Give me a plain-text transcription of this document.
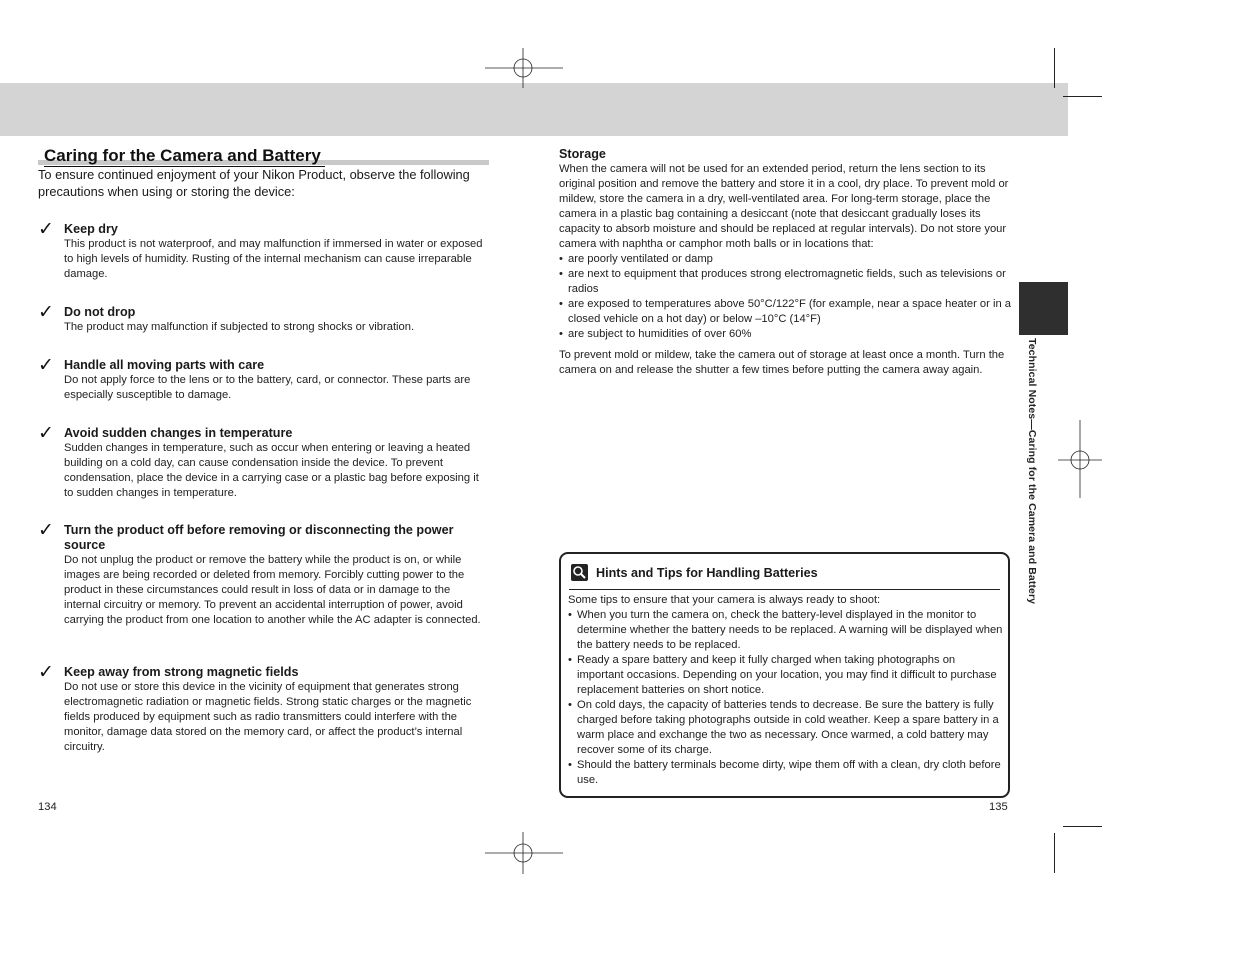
Technical Notes—Caring for the Camera and Battery
Caring for the Camera and Battery
To ensure continued enjoyment of your Nikon Product, observe the following precautions when using or storing the device:
✓ Keep dry
This product is not waterproof, and may malfunction if immersed in water or exposed to high levels of humidity. Rusting of the internal mechanism can cause irreparable damage.
✓ Do not drop
The product may malfunction if subjected to strong shocks or vibration.
✓ Handle all moving parts with care
Do not apply force to the lens or to the battery, card, or connector. These parts are especially susceptible to damage.
✓ Avoid sudden changes in temperature
Sudden changes in temperature, such as occur when entering or leaving a heated building on a cold day, can cause condensation inside the device. To prevent condensation, place the device in a carrying case or a plastic bag before exposing it to sudden changes in temperature.
✓ Turn the product off before removing or disconnecting the power source
Do not unplug the product or remove the battery while the product is on, or while images are being recorded or deleted from memory. Forcibly cutting power to the product in these circumstances could result in loss of data or in damage to the internal circuitry or memory. To prevent an accidental interruption of power, avoid carrying the product from one location to another while the AC adapter is connected.
✓ Keep away from strong magnetic fields
Do not use or store this device in the vicinity of equipment that generates strong electromagnetic radiation or magnetic fields. Strong static charges or the magnetic fields produced by equipment such as radio transmitters could interfere with the monitor, damage data stored on the memory card, or affect the product’s internal circuitry.
134
Storage
When the camera will not be used for an extended period, return the lens section to its original position and remove the battery and store it in a cool, dry place. To prevent mold or mildew, store the camera in a dry, well-ventilated area. For long-term storage, place the camera in a plastic bag containing a desiccant (note that desiccant gradually loses its capacity to absorb moisture and should be replaced at regular intervals). Do not store your camera with naphtha or camphor moth balls or in locations that:
• are poorly ventilated or damp
• are next to equipment that produces strong electromagnetic fields, such as televisions or radios
• are exposed to temperatures above 50°C/122°F (for example, near a space heater or in a closed vehicle on a hot day) or below –10°C (14°F)
• are subject to humidities of over 60%
To prevent mold or mildew, take the camera out of storage at least once a month. Turn the camera on and release the shutter a few times before putting the camera away again.
Hints and Tips for Handling Batteries
Some tips to ensure that your camera is always ready to shoot:
• When you turn the camera on, check the battery-level displayed in the monitor to determine whether the battery needs to be replaced. A warning will be displayed when the battery needs to be replaced.
• Ready a spare battery and keep it fully charged when taking photographs on important occasions. Depending on your location, you may find it difficult to purchase replacement batteries on short notice.
• On cold days, the capacity of batteries tends to decrease. Be sure the battery is fully charged before taking photographs outside in cold weather. Keep a spare battery in a warm place and exchange the two as necessary. Once warmed, a cold battery may recover some of its charge.
• Should the battery terminals become dirty, wipe them off with a clean, dry cloth before use.
135
